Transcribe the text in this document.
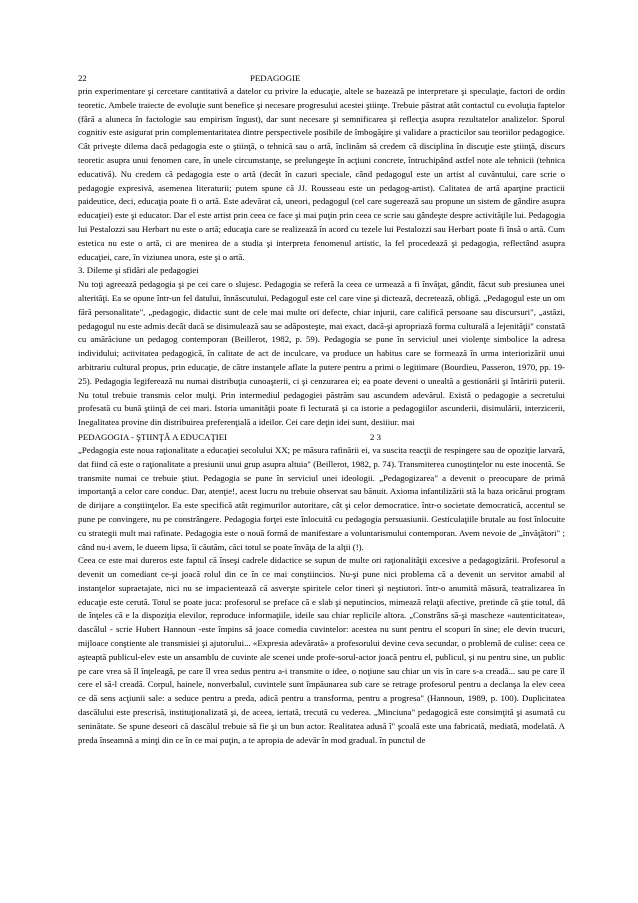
22	PEDAGOGIE

prin experimentare şi cercetare cantitativă a datelor cu privire la educaţie, altele se bazează pe interpretare şi speculaţie, factori de ordin teoretic. Ambele traiecte de evoluţie sunt benefice şi necesare progresului acestei ştiinţe. Trebuie păstrat atât contactul cu evoluţia faptelor (fără a aluneca în factologie sau empirism îngust), dar sunt necesare şi semnificarea şi reflecţia asupra rezultatelor analizelor. Sporul cognitiv este asigurat prin complementaritatea dintre perspectivele posibile de îmbogăţire şi validare a practicilor sau teoriilor pedagogice.

Cât priveşte dilema dacă pedagogia este o ştiinţă, o tehnică sau o artă, înclinăm să credem că disciplina în discuţie este ştiinţă, discurs teoretic asupra unui fenomen care, în unele circumstanţe, se prelungeşte în acţiuni concrete, întruchipând astfel note ale tehnicii (tehnica educativă). Nu credem că pedagogia este o artă (decât în cazuri speciale, când pedagogul este un artist al cuvântului, care scrie o pedagogie expresivă, asemenea literaturii; putem spune că JJ. Rousseau este un pedagog-artist). Calitatea de artă aparţine practicii paideutice, deci, educaţia poate fi o artă. Este adevărat că, uneori, pedagogul (cel care sugerează sau propune un sistem de gândire asupra educaţiei) este şi educator. Dar el este artist prin ceea ce face şi mai puţin prin ceea ce scrie sau gândeşte despre activităţile lui. Pedagogia lui Pestalozzi sau Herbart nu este o artă; educaţia care se realizează în acord cu tezele lui Pestalozzi sau Herbart poate fi însă o artă. Cum estetica nu este o artă, ci are menirea de a studia şi interpreta fenomenul artistic, la fel procedează şi pedagogia, reflectând asupra educaţiei, care, în viziunea unora, este şi o artă.

3. Dileme şi sfidări ale pedagogiei

Nu toţi agreează pedagogia şi pe cei care o slujesc. Pedagogia se referă la ceea ce urmează a fi învăţat, gândit, făcut sub presiunea unei alterităţi. Ea se opune într-un fel datului, înnăscutului. Pedagogul este cel care vine şi dictează, decretează, obligă. „Pedagogul este un om fără personalitate", „pedagogic, didactic sunt de cele mai multe ori defecte, chiar injurii, care califică persoane sau discursuri", „astăzi, pedagogul nu este admis decât dacă se disimulează sau se adăposteşte, mai exact, dacă-şi apropriază forma culturală a lejenităţii" constată cu amărăciune un pedagog contemporan (Beillerot, 1982, p. 59). Pedagogia se pune în serviciul unei violenţe simbolice la adresa individului; activitatea pedagogică, în calitate de act de inculcare, va produce un habitus care se formează în urma interiorizării unui arbitrariu cultural propus, prin educaţie, de către instanţele aflate la putere pentru a primi o legitimare (Bourdieu, Passeron, 1970, pp. 19-25). Pedagogia legiferează nu numai distribuţia cunoaşterii, ci şi cenzurarea ei; ea poate deveni o unealtă a gestionării şi întăririi puterii. Nu totul trebuie transmis celor mulţi. Prin intermediul pedagogiei păstrăm sau ascundem adevărul. Există o pedagogie a secretului profesată cu bună ştiinţă de cei mari. Istoria umanităţii poate fi lecturată şi ca istorie a pedagogiilor ascunderii, disimulării, interzicerii, Inegalitatea provine din distribuirea preferenţială a ideilor. Cei care deţin idei sunt, desiiiur. mai

PEDAGOGIA - ŞTIINŢĂ A EDUCAŢIEI	2 3

„Pedagogia este noua raţionalitate a educaţiei secolului XX; pe măsura rafinării ei, va suscita reacţii de respingere sau de opoziţie larvară, dat fiind că este o raţionalitate a presiunii unui grup asupra altuia" (Beillerot, 1982, p. 74). Transmiterea cunoştinţelor nu este inocentă. Se transmite numai ce trebuie ştiut. Pedagogia se pune în serviciul unei ideologii. „Pedagogizarea" a devenit o preocupare de primă importanţă a celor care conduc. Dar, atenţie!, acest lucru nu trebuie observat sau bănuit. Axioma infantilizării stă la baza oricărui program de dirijare a conştiinţelor. Ea este specifică atât regimurilor autoritare, cât şi celor democratice. într-o societate democratică, accentul se pune pe convingere, nu pe constrângere. Pedagogia forţei este înlocuită cu pedagogia persuasiunii. Gesticulaţiile brutale au fost înlocuite cu strategii mult mai rafinate. Pedagogia este o nouă formă de manifestare a voluntarismului contemporan. Avem nevoie de „învăţători" ; când nu-i avem, le dueem lipsa, îi căutăm, căci totul se poate învăţa de la alţii (!).

Ceea ce este mai dureros este faptul că înseşi cadrele didactice se supun de multe ori raţionalităţii excesive a pedagogizării. Profesorul a devenit un comediant ce-şi joacă rolul din ce în ce mai conştiincios. Nu-şi pune nici problema că a devenit un servitor amabil al instanţelor supraetajate, nici nu se impacientează că asverşte spiritele celor tineri şi neştiutori. într-o anumită măsură, teatralizarea în educaţie este cerută. Totul se poate juca: profesorul se preface că e slab şi neputincios, mimează relaţii afective, pretinde că ştie totul, dă de înţeles că e la dispoziţia elevilor, reproduce informaţiile, ideile sau chiar replicile altora. „Constrâns să-şi mascheze «autenticitatea», dascălul - scrie Hubert Hannoun -este împins să joace comedia cuvintelor: acestea nu sunt pentru el scopuri în sine; ele devin trucuri, mijloace conştiente ale transmisiei şi ajutorului... «Expresia adevărată» a profesorului devine ceva secundar, o problemă de culise: ceea ce aşteaptă publicul-elev este un ansamblu de cuvinte ale scenei unde profe-sorul-actor joacă pentru el, publicul, şi nu pentru sine, un public pe care vrea să îl înţeleagă, pe care îl vrea sedus pentru a-i transmite o idee, o noţiune sau chiar un vis în care s-a creadă... sau pe care îl cere el să-l creadă. Corpul, hainele, nonverbalul, cuvintele sunt împăunarea sub care se retrage profesorul pentru a declanşa la elev ceea ce dă sens acţiunii sale: a seduce pentru a preda, adică pentru a transforma, pentru a progresa" (Hannoun, 1989, p. 100). Duplicitatea dascălului este prescrisă, instituţionalizată şi, de aceea, iertată, trecută cu vederea. „Minciuna" pedagogică este consimţită şi asumată cu seninătate. Se spune deseori că dascălul trebuie să fie şi un bun actor. Realitatea adusă î" şcoală este una fabricată, mediată, modelată. A preda înseamnă a minţi din ce în ce mai puţin, a te apropia de adevăr în mod gradual. în punctul de
